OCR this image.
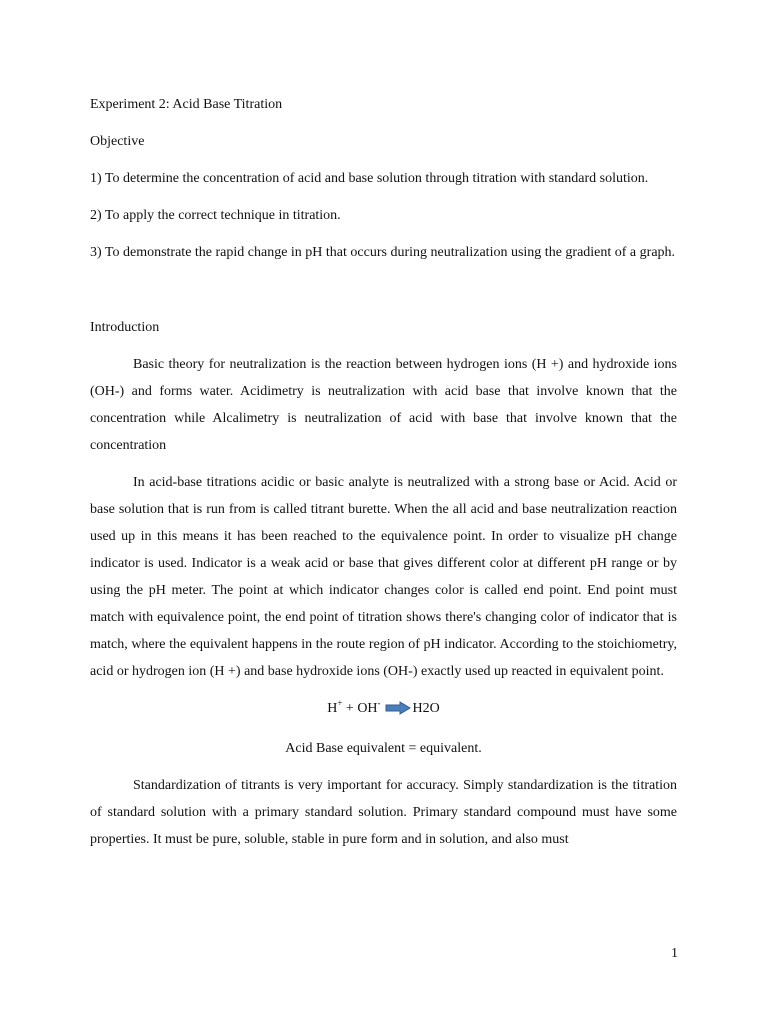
Experiment 2: Acid Base Titration

Objective

1) To determine the concentration of acid and base solution through titration with standard solution.

2) To apply the correct technique in titration.

3) To demonstrate the rapid change in pH that occurs during neutralization using the gradient of a graph.

Introduction

Basic theory for neutralization is the reaction between hydrogen ions (H +) and hydroxide ions (OH-) and forms water. Acidimetry is neutralization with acid base that involve known that the concentration while Alcalimetry is neutralization of acid with base that involve known that the concentration

In acid-base titrations acidic or basic analyte is neutralized with a strong base or Acid. Acid or base solution that is run from is called titrant burette. When the all acid and base neutralization reaction used up in this means it has been reached to the equivalence point. In order to visualize pH change indicator is used. Indicator is a weak acid or base that gives different color at different pH range or by using the pH meter. The point at which indicator changes color is called end point. End point must match with equivalence point, the end point of titration shows there's changing color of indicator that is match, where the equivalent happens in the route region of pH indicator. According to the stoichiometry, acid or hydrogen ion (H +) and base hydroxide ions (OH-) exactly used up reacted in equivalent point.

H+ + OH- H2O

Acid Base equivalent = equivalent.

Standardization of titrants is very important for accuracy. Simply standardization is the titration of standard solution with a primary standard solution. Primary standard compound must have some properties. It must be pure, soluble, stable in pure form and in solution, and also must

1
